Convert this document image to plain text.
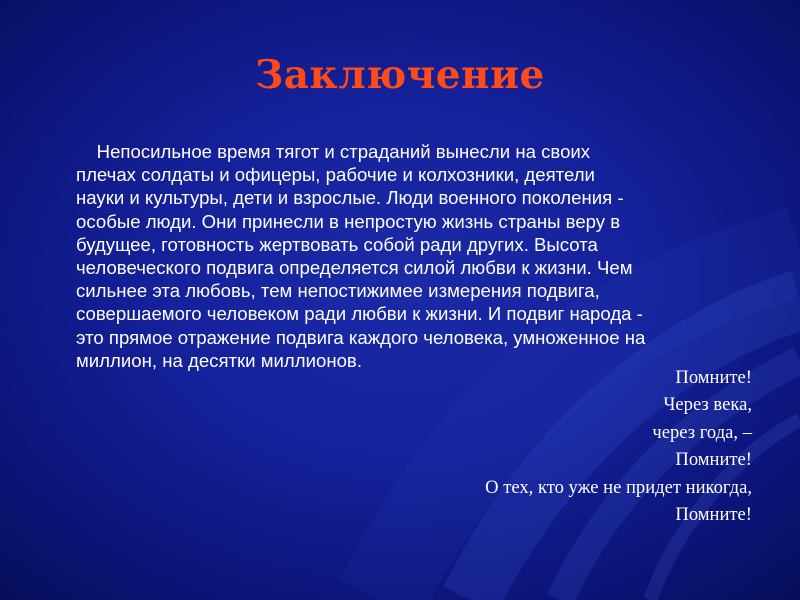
Заключение
Непосильное время тягот и страданий вынесли на своих
плечах солдаты и офицеры, рабочие и колхозники, деятели
науки и культуры, дети и взрослые. Люди военного поколения -
особые люди. Они принесли в непростую жизнь страны веру в
будущее, готовность жертвовать собой ради других. Высота
человеческого подвига определяется силой любви к жизни. Чем
сильнее эта любовь, тем непостижимее измерения подвига,
совершаемого человеком ради любви к жизни. И подвиг народа -
это прямое отражение подвига каждого человека, умноженное на
миллион, на десятки миллионов.
Помните!
Через века,
через года, –
Помните!
О тех, кто уже не придет никогда,
Помните!
